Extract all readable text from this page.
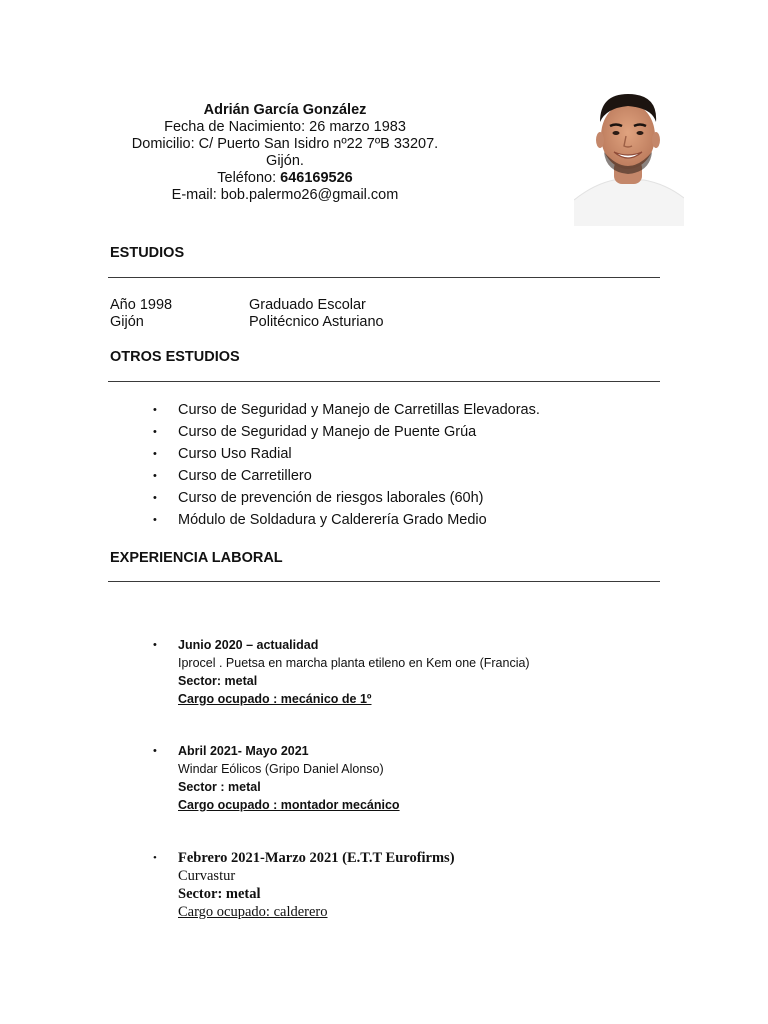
Adrián García González
Fecha de Nacimiento: 26 marzo 1983
Domicilio: C/ Puerto San Isidro nº22 7ºB 33207.
Gijón.
Teléfono: 646169526
E-mail: bob.palermo26@gmail.com
ESTUDIOS
Año 1998	Graduado Escolar
Gijón	Politécnico Asturiano
OTROS ESTUDIOS
• Curso de Seguridad y Manejo de Carretillas Elevadoras.
• Curso de Seguridad y Manejo de Puente Grúa
• Curso Uso Radial
• Curso de Carretillero
• Curso de prevención de riesgos laborales (60h)
• Módulo de Soldadura y Calderería Grado Medio
EXPERIENCIA LABORAL
• Junio 2020 – actualidad
Iprocel . Puetsa en marcha planta etileno en Kem one (Francia)
Sector: metal
Cargo ocupado : mecánico de 1º
• Abril 2021- Mayo 2021
Windar Eólicos (Gripo Daniel Alonso)
Sector : metal
Cargo ocupado : montador mecánico
• Febrero 2021-Marzo 2021 (E.T.T Eurofirms)
Curvastur
Sector: metal
Cargo ocupado: calderero
